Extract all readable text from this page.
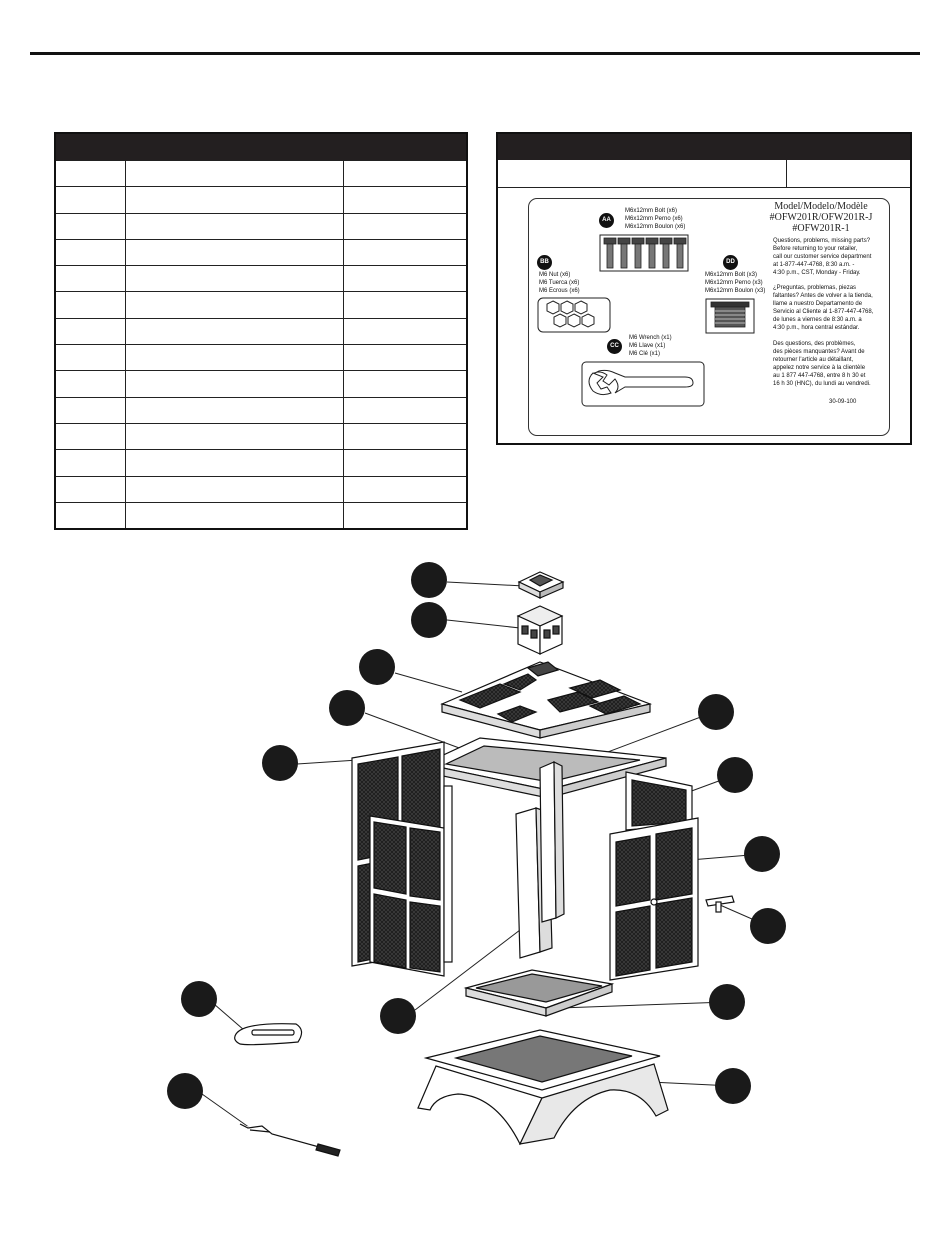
AA
M6x12mm Bolt (x6)
M6x12mm Perno (x6)
M6x12mm Boulon (x6)
BB
M6 Nut (x6)
M6 Tuerca (x6)
M6 Ecrous (x6)
CC
M6 Wrench (x1)
M6 Llave (x1)
M6 Clé (x1)
DD
M6x12mm Bolt (x3)
M6x12mm Perno (x3)
M6x12mm Boulon (x3)
Model/Modelo/Modèle
#OFW201R/OFW201R-J
#OFW201R-1
Questions, problems, missing parts?
Before returning to your retailer,
call our customer service department
at 1-877-447-4768, 8:30 a.m. -
4:30 p.m., CST, Monday - Friday.
¿Preguntas, problemas, piezas
faltantes? Antes de volver a la tienda,
llame a nuestro Departamento de
Servicio al Cliente al 1-877-447-4768,
de lunes a viernes de 8:30 a.m. a
4:30 p.m., hora central estándar.
Des questions, des problèmes,
des pièces manquantes? Avant de
retourner l'article au détaillant,
appelez notre service à la clientèle
au 1 877 447-4768, entre 8 h 30 et
16 h 30 (HNC), du lundi au vendredi.
30-09-100
